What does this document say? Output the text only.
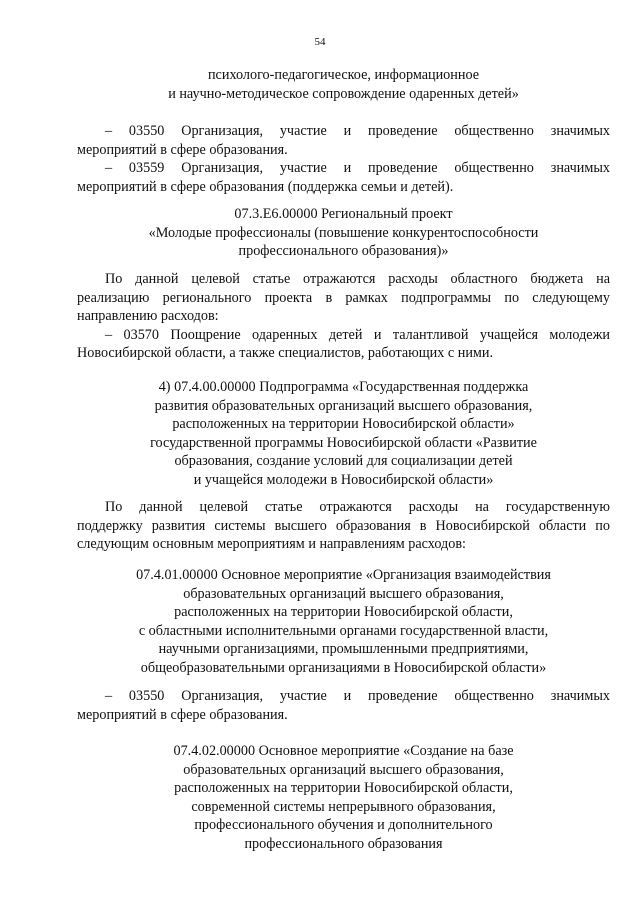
54

психолого-педагогическое, информационное

и научно-методическое сопровождение одаренных детей»

– 03550 Организация, участие и проведение общественно значимых

мероприятий в сфере образования.

– 03559 Организация, участие и проведение общественно значимых

мероприятий в сфере образования (поддержка семьи и детей).

07.3.Е6.00000 Региональный проект

«Молодые профессионалы (повышение конкурентоспособности

профессионального образования)»

По данной целевой статье отражаются расходы областного бюджета на

реализацию регионального проекта в рамках подпрограммы по следующему

направлению расходов:

– 03570 Поощрение одаренных детей и талантливой учащейся молодежи

Новосибирской области, а также специалистов, работающих с ними.

4) 07.4.00.00000 Подпрограмма «Государственная поддержка

развития образовательных организаций высшего образования,

расположенных на территории Новосибирской области»

государственной программы Новосибирской области «Развитие

образования, создание условий для социализации детей

и учащейся молодежи в Новосибирской области»

По данной целевой статье отражаются расходы на государственную

поддержку развития системы высшего образования в Новосибирской области по

следующим основным мероприятиям и направлениям расходов:

07.4.01.00000 Основное мероприятие «Организация взаимодействия

образовательных организаций высшего образования,

расположенных на территории Новосибирской области,

с областными исполнительными органами государственной власти,

научными организациями, промышленными предприятиями,

общеобразовательными организациями в Новосибирской области»

– 03550 Организация, участие и проведение общественно значимых

мероприятий в сфере образования.

07.4.02.00000 Основное мероприятие «Создание на базе

образовательных организаций высшего образования,

расположенных на территории Новосибирской области,

современной системы непрерывного образования,

профессионального обучения и дополнительного

профессионального образования
